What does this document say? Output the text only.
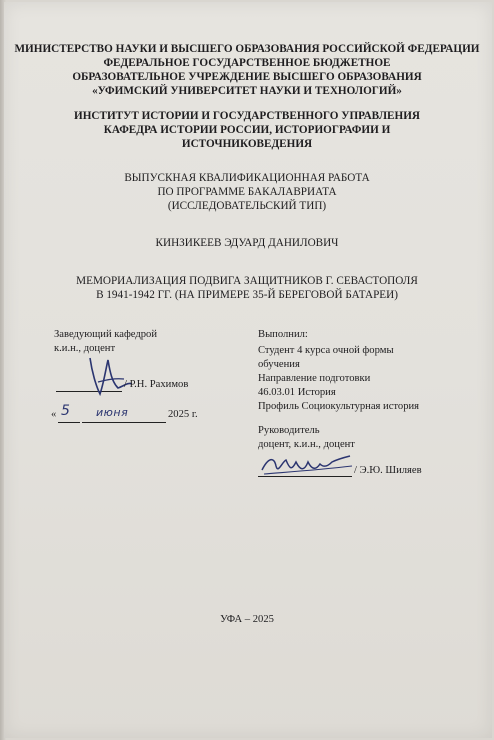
МИНИСТЕРСТВО НАУКИ И ВЫСШЕГО ОБРАЗОВАНИЯ РОССИЙСКОЙ ФЕДЕРАЦИИ
ФЕДЕРАЛЬНОЕ ГОСУДАРСТВЕННОЕ БЮДЖЕТНОЕ
ОБРАЗОВАТЕЛЬНОЕ УЧРЕЖДЕНИЕ ВЫСШЕГО ОБРАЗОВАНИЯ
«УФИМСКИЙ УНИВЕРСИТЕТ НАУКИ И ТЕХНОЛОГИЙ»
ИНСТИТУТ ИСТОРИИ И ГОСУДАРСТВЕННОГО УПРАВЛЕНИЯ
КАФЕДРА ИСТОРИИ РОССИИ, ИСТОРИОГРАФИИ И
ИСТОЧНИКОВЕДЕНИЯ
ВЫПУСКНАЯ КВАЛИФИКАЦИОННАЯ РАБОТА
ПО ПРОГРАММЕ БАКАЛАВРИАТА
(ИССЛЕДОВАТЕЛЬСКИЙ ТИП)
КИНЗИКЕЕВ ЭДУАРД ДАНИЛОВИЧ
МЕМОРИАЛИЗАЦИЯ ПОДВИГА ЗАЩИТНИКОВ Г. СЕВАСТОПОЛЯ
В 1941-1942 ГГ. (НА ПРИМЕРЕ 35-Й БЕРЕГОВОЙ БАТАРЕИ)
Заведующий кафедрой
к.и.н., доцент
/ Р.Н. Рахимов
« 5 июня	2025 г.
Выполнил:
Студент 4 курса очной формы
обучения
Направление подготовки
46.03.01 История
Профиль Социокультурная история
Руководитель
доцент, к.и.н., доцент
/ Э.Ю. Шиляев
УФА – 2025
